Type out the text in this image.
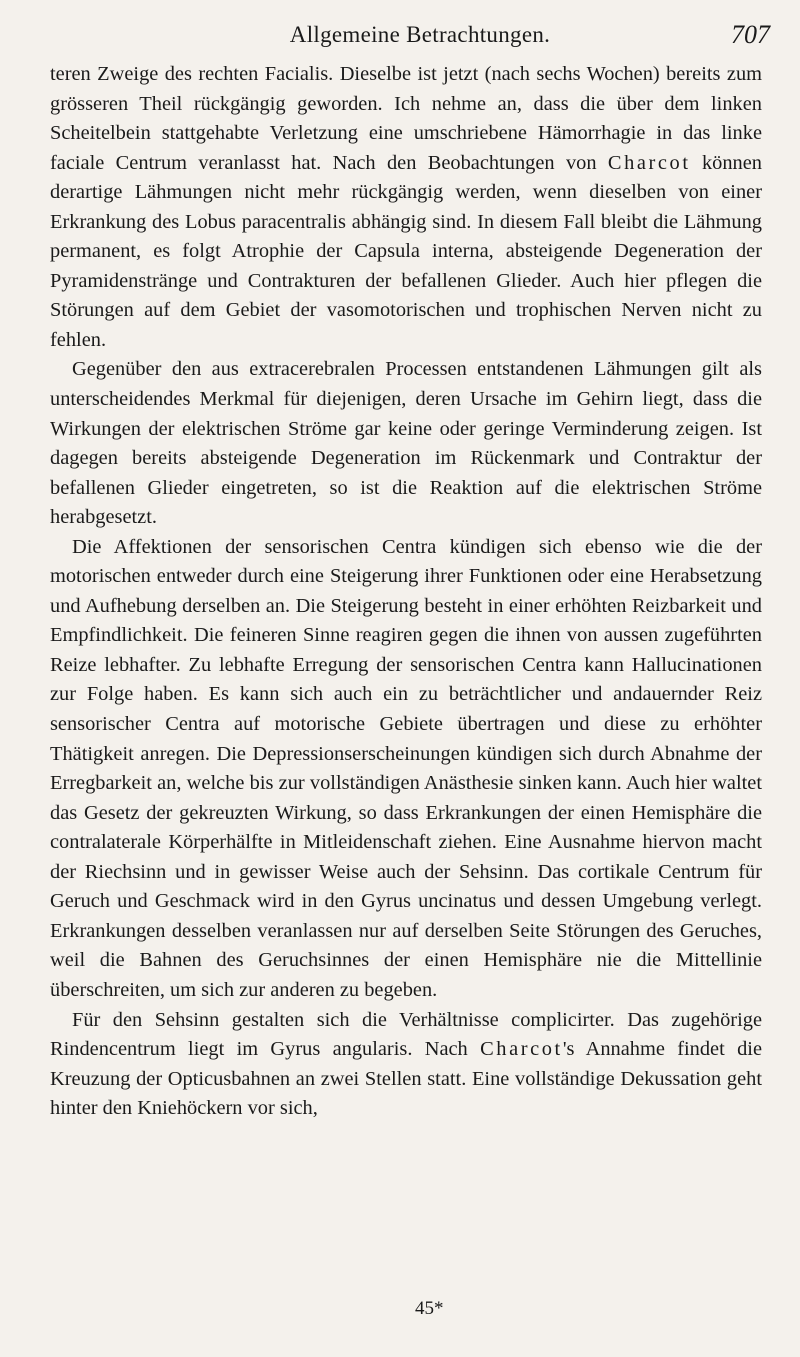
Allgemeine Betrachtungen.	707

teren Zweige des rechten Facialis. Dieselbe ist jetzt (nach sechs Wochen) bereits zum grösseren Theil rückgängig geworden. Ich nehme an, dass die über dem linken Scheitelbein stattgehabte Verletzung eine umschriebene Hämorrhagie in das linke faciale Centrum veranlasst hat. Nach den Beobachtungen von Charcot können derartige Lähmungen nicht mehr rückgängig werden, wenn dieselben von einer Erkrankung des Lobus paracentralis abhängig sind. In diesem Fall bleibt die Lähmung permanent, es folgt Atrophie der Capsula interna, absteigende Degeneration der Pyramidenstränge und Contrakturen der befallenen Glieder. Auch hier pflegen die Störungen auf dem Gebiet der vasomotorischen und trophischen Nerven nicht zu fehlen.

Gegenüber den aus extracerebralen Processen entstandenen Lähmungen gilt als unterscheidendes Merkmal für diejenigen, deren Ursache im Gehirn liegt, dass die Wirkungen der elektrischen Ströme gar keine oder geringe Verminderung zeigen. Ist dagegen bereits absteigende Degeneration im Rückenmark und Contraktur der befallenen Glieder eingetreten, so ist die Reaktion auf die elektrischen Ströme herabgesetzt.

Die Affektionen der sensorischen Centra kündigen sich ebenso wie die der motorischen entweder durch eine Steigerung ihrer Funktionen oder eine Herabsetzung und Aufhebung derselben an. Die Steigerung besteht in einer erhöhten Reizbarkeit und Empfindlichkeit. Die feineren Sinne reagiren gegen die ihnen von aussen zugeführten Reize lebhafter. Zu lebhafte Erregung der sensorischen Centra kann Hallucinationen zur Folge haben. Es kann sich auch ein zu beträchtlicher und andauernder Reiz sensorischer Centra auf motorische Gebiete übertragen und diese zu erhöhter Thätigkeit anregen. Die Depressionserscheinungen kündigen sich durch Abnahme der Erregbarkeit an, welche bis zur vollständigen Anästhesie sinken kann. Auch hier waltet das Gesetz der gekreuzten Wirkung, so dass Erkrankungen der einen Hemisphäre die contralaterale Körperhälfte in Mitleidenschaft ziehen. Eine Ausnahme hiervon macht der Riechsinn und in gewisser Weise auch der Sehsinn. Das cortikale Centrum für Geruch und Geschmack wird in den Gyrus uncinatus und dessen Umgebung verlegt. Erkrankungen desselben veranlassen nur auf derselben Seite Störungen des Geruches, weil die Bahnen des Geruchsinnes der einen Hemisphäre nie die Mittellinie überschreiten, um sich zur anderen zu begeben.

Für den Sehsinn gestalten sich die Verhältnisse complicirter. Das zugehörige Rindencentrum liegt im Gyrus angularis. Nach Charcot's Annahme findet die Kreuzung der Opticusbahnen an zwei Stellen statt. Eine vollständige Dekussation geht hinter den Kniehöckern vor sich,

45*
